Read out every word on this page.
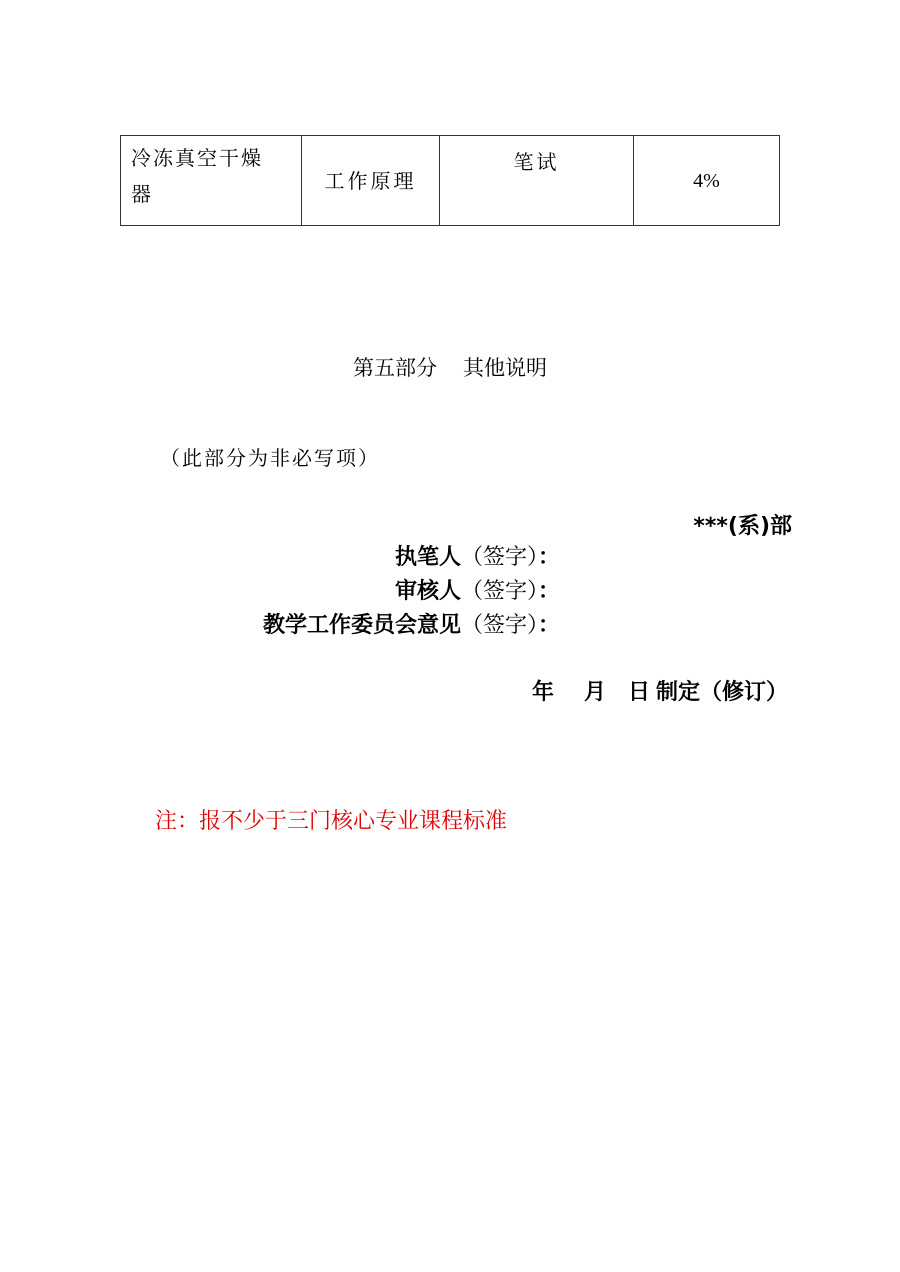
冷冻真空干燥
器	工作原理	笔试	4%
第五部分 其他说明
（此部分为非必写项）
***(系)部
执笔人（签字）：
审核人（签字）：
教学工作委员会意见（签字）：
年 月 日 制定（修订）
注：报不少于三门核心专业课程标准
